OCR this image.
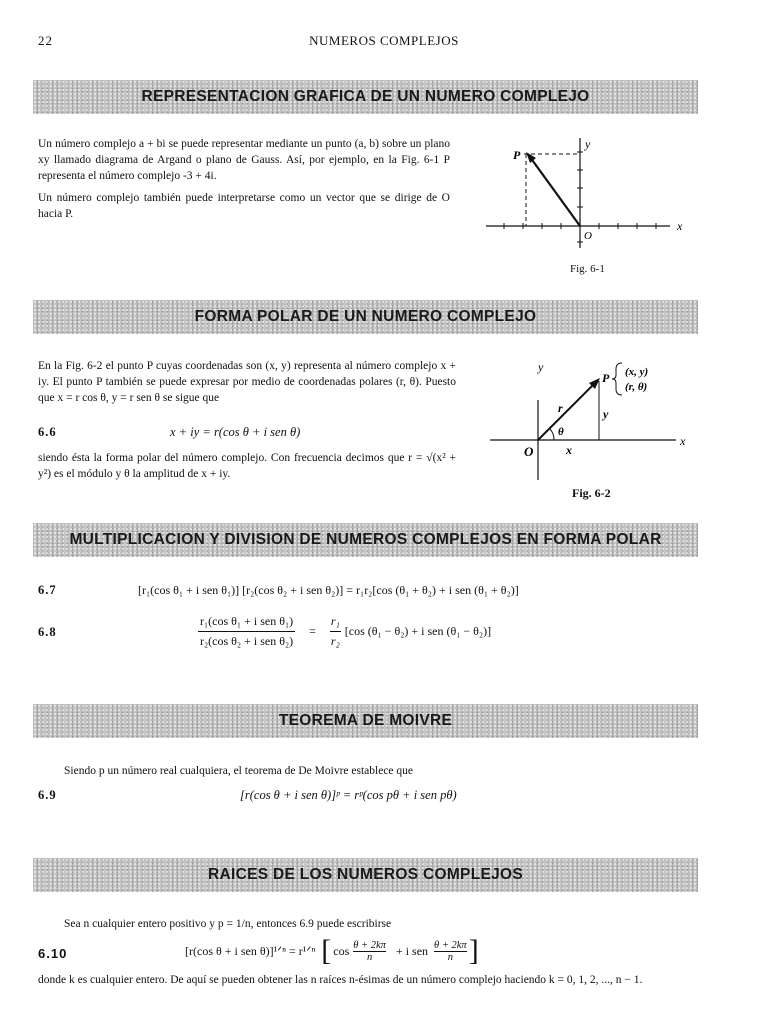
22	NUMEROS COMPLEJOS
REPRESENTACION GRAFICA DE UN NUMERO COMPLEJO
Un número complejo a + bi se puede representar mediante un punto (a, b) sobre un plano xy llamado diagrama de Argand o plano de Gauss. Así, por ejemplo, en la Fig. 6-1 P representa el número complejo -3 + 4i.
Un número complejo también puede interpretarse como un vector que se dirige de O hacia P.
P
y
x
O
Fig. 6-1
FORMA POLAR DE UN NUMERO COMPLEJO
En la Fig. 6-2 el punto P cuyas coordenadas son (x, y) representa al número complejo x + iy. El punto P también se puede expresar por medio de coordenadas polares (r, θ). Puesto que x = r cos θ, y = r sen θ se sigue que
6.6	x + iy = r(cos θ + i sen θ)
siendo ésta la forma polar del número complejo. Con frecuencia decimos que r = √(x² + y²) es el módulo y θ la amplitud de x + iy.
y
P (x, y)
(r, θ)
r	y
θ
O	x
x
Fig. 6-2
MULTIPLICACION Y DIVISION DE NUMEROS COMPLEJOS EN FORMA POLAR
6.7	[r₁(cos θ₁ + i sen θ₁)] [r₂(cos θ₂ + i sen θ₂)] = r₁r₂[cos (θ₁ + θ₂) + i sen (θ₁ + θ₂)]
6.8
r₁(cos θ₁ + i sen θ₁)
r₂(cos θ₂ + i sen θ₂)
= $\frac{\text{r₁}}{\text{r₂}} [\cos$ (θ₁ − θ₂) + i sen (θ₁ − θ₂)]
TEOREMA DE MOIVRE
Siendo p un número real cualquiera, el teorema de De Moivre establece que
6.9	[r(cos θ + i sen θ)]ᵖ = rᵖ(cos pθ + i sen pθ)
RAICES DE LOS NUMEROS COMPLEJOS
Sea n cualquier entero positivo y p = 1/n, entonces 6.9 puede escribirse
6.10	[r(cos θ + i sen θ)]¹ᐟⁿ = r¹ᐟⁿ [ $\cos \frac{\theta + 2k\pi}{n} + i$ sen $\frac{\theta + 2k\pi}{n}$ ]
donde k es cualquier entero. De aquí se pueden obtener las n raíces n-ésimas de un número complejo haciendo k = 0, 1, 2, ..., n − 1.
